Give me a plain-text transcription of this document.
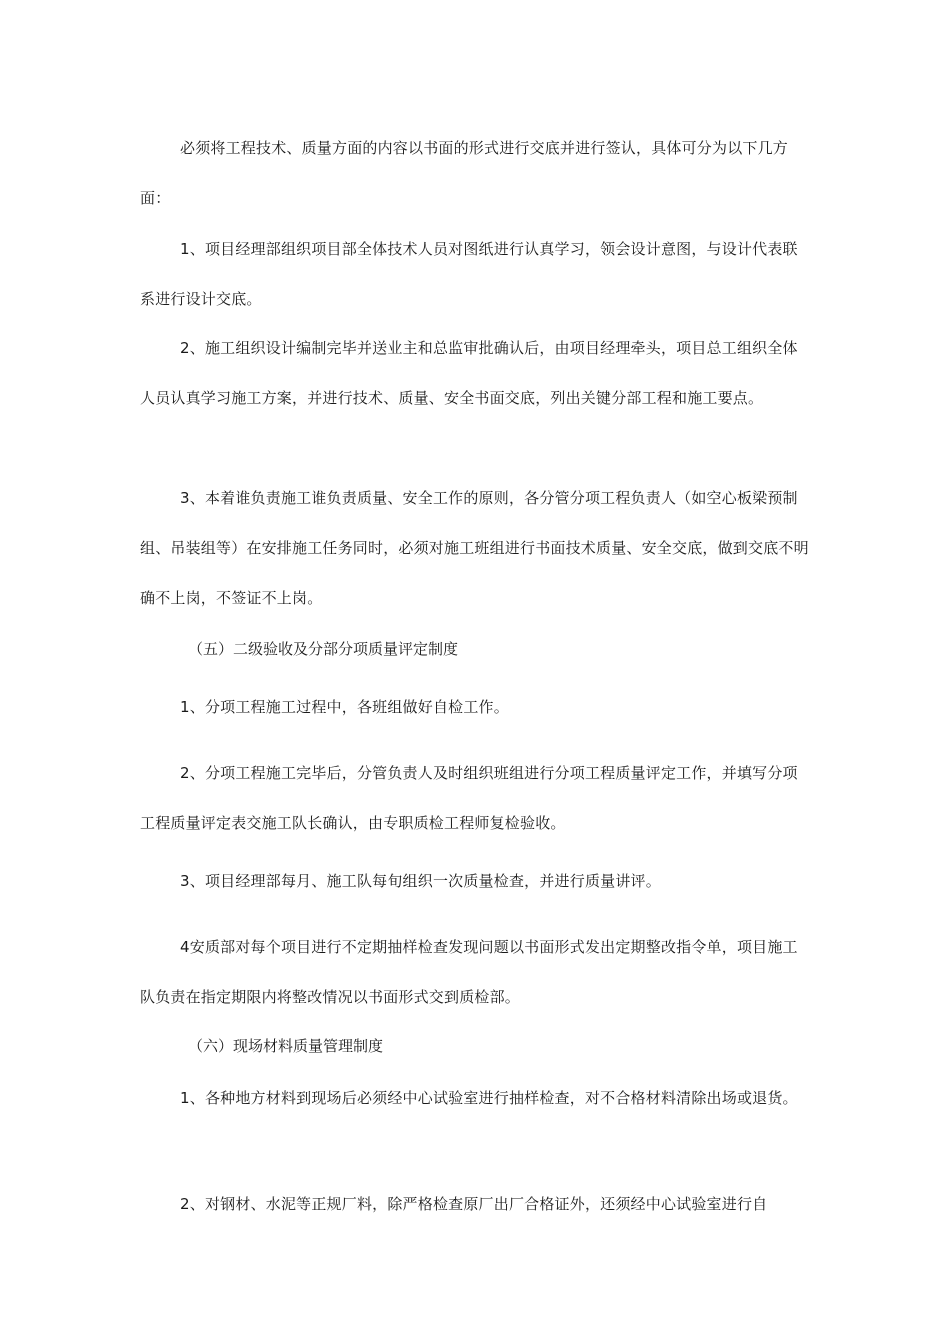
必须将工程技术、质量方面的内容以书面的形式进行交底并进行签认，具体可分为以下几方面：

1、项目经理部组织项目部全体技术人员对图纸进行认真学习，领会设计意图，与设计代表联系进行设计交底。

2、施工组织设计编制完毕并送业主和总监审批确认后，由项目经理牵头，项目总工组织全体人员认真学习施工方案，并进行技术、质量、安全书面交底，列出关键分部工程和施工要点。

3、本着谁负责施工谁负责质量、安全工作的原则，各分管分项工程负责人（如空心板梁预制组、吊装组等）在安排施工任务同时，必须对施工班组进行书面技术质量、安全交底，做到交底不明确不上岗，不签证不上岗。

（五）二级验收及分部分项质量评定制度

1、分项工程施工过程中，各班组做好自检工作。

2、分项工程施工完毕后，分管负责人及时组织班组进行分项工程质量评定工作，并填写分项工程质量评定表交施工队长确认，由专职质检工程师复检验收。

3、项目经理部每月、施工队每旬组织一次质量检查，并进行质量讲评。

4安质部对每个项目进行不定期抽样检查发现问题以书面形式发出定期整改指令单，项目施工队负责在指定期限内将整改情况以书面形式交到质检部。

（六）现场材料质量管理制度

1、各种地方材料到现场后必须经中心试验室进行抽样检查，对不合格材料清除出场或退货。

2、对钢材、水泥等正规厂料，除严格检查原厂出厂合格证外，还须经中心试验室进行自
